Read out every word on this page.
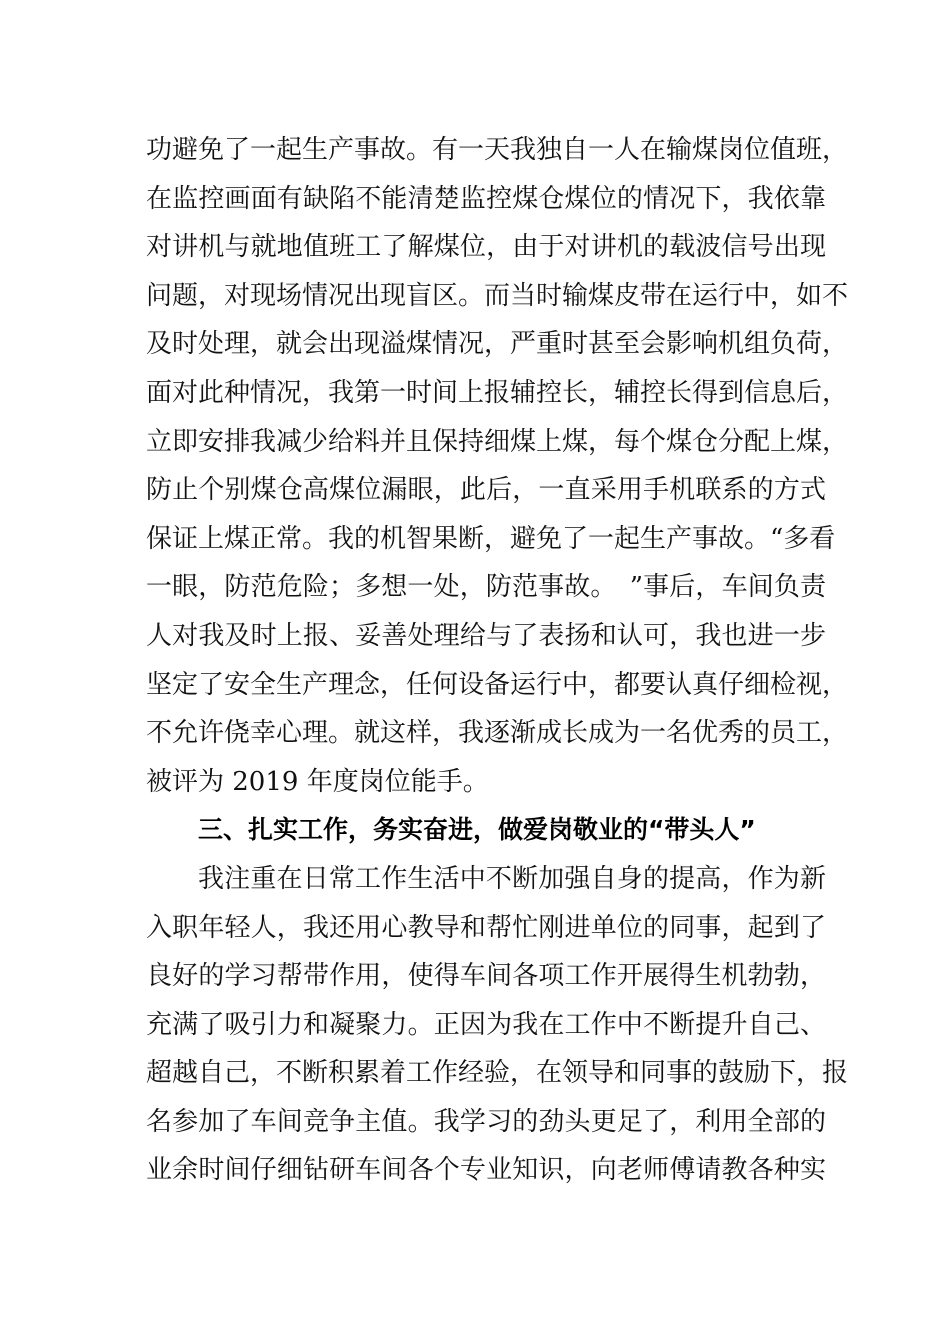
功避免了一起生产事故。有一天我独自一人在输煤岗位值班，
在监控画面有缺陷不能清楚监控煤仓煤位的情况下，我依靠
对讲机与就地值班工了解煤位，由于对讲机的载波信号出现
问题，对现场情况出现盲区。而当时输煤皮带在运行中，如不
及时处理，就会出现溢煤情况，严重时甚至会影响机组负荷，
面对此种情况，我第一时间上报辅控长，辅控长得到信息后，
立即安排我减少给料并且保持细煤上煤，每个煤仓分配上煤，
防止个别煤仓高煤位漏眼，此后，一直采用手机联系的方式
保证上煤正常。我的机智果断，避免了一起生产事故。“多看
一眼，防范危险；多想一处，防范事故。　”事后，车间负责
人对我及时上报、妥善处理给与了表扬和认可，我也进一步
坚定了安全生产理念，任何设备运行中，都要认真仔细检视，
不允许侥幸心理。就这样，我逐渐成长成为一名优秀的员工，
被评为 2019 年度岗位能手。
三、扎实工作，务实奋进，做爱岗敬业的“带头人”
我注重在日常工作生活中不断加强自身的提高，作为新
入职年轻人，我还用心教导和帮忙刚进单位的同事，起到了
良好的学习帮带作用，使得车间各项工作开展得生机勃勃，
充满了吸引力和凝聚力。正因为我在工作中不断提升自己、
超越自己，不断积累着工作经验，在领导和同事的鼓励下，报
名参加了车间竞争主值。我学习的劲头更足了，利用全部的
业余时间仔细钻研车间各个专业知识，向老师傅请教各种实
